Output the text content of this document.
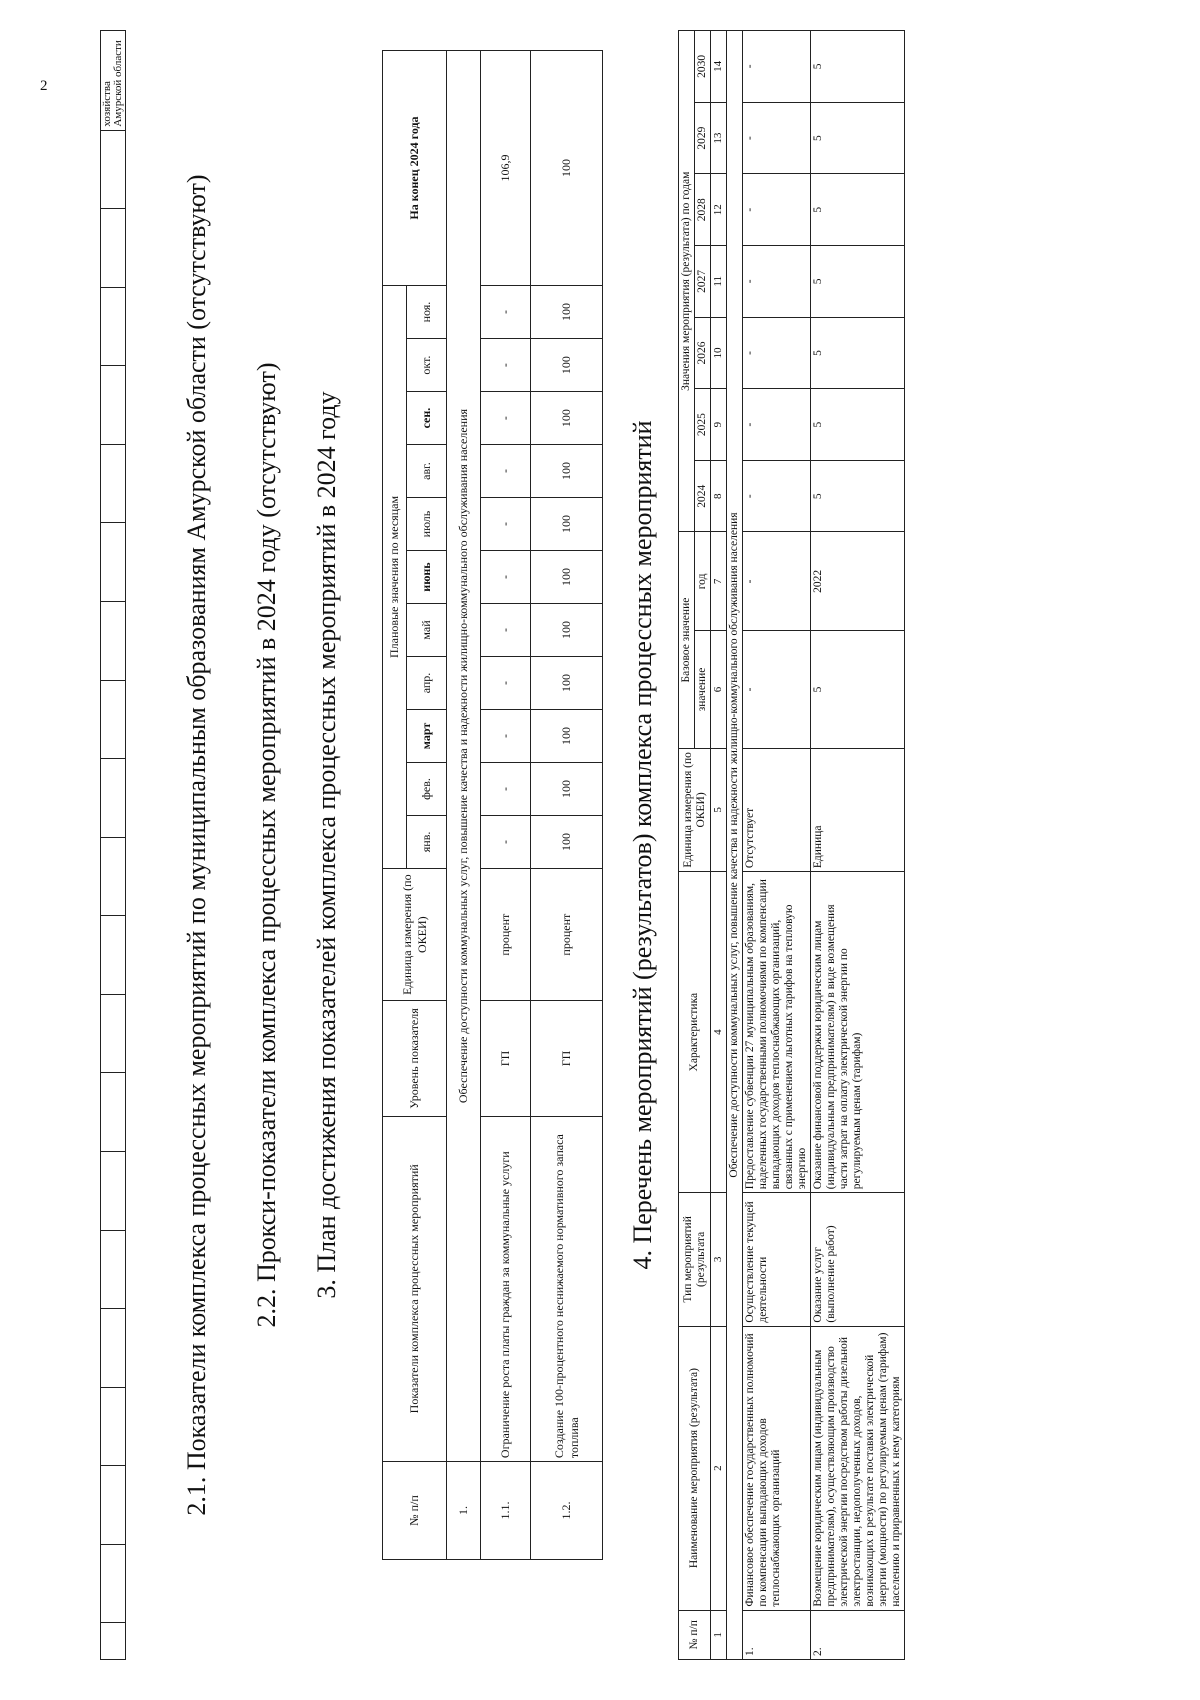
2
																					хозяйства
Амурской области
2.1. Показатели комплекса процессных мероприятий по муниципальным образованиям Амурской области (отсутствуют) 2.2. Прокси-показатели комплекса процессных мероприятий в 2024 году (отсутствуют) 3. План достижения показателей комплекса процессных мероприятий в 2024 году
№ п/п	Показатели комплекса процессных мероприятий	Уровень показателя	Единица измерения (по ОКЕИ)	Плановые значения по месяцам											На конец 2024 года
				янв.	фев.	март	апр.	май	июнь	июль	авг.	сен.	окт.	ноя.	
1.	Обеспечение доступности коммунальных услуг, повышение качества и надежности жилищно-коммунального обслуживания населения														
1.1.	Ограничение роста платы граждан за коммунальные услуги	ГП	процент	-	-	-	-	-	-	-	-	-	-	-	106,9
1.2.	Создание 100-процентного неснижаемого нормативного запаса топлива	ГП	процент	100	100	100	100	100	100	100	100	100	100	100	100
4. Перечень мероприятий (результатов) комплекса процессных мероприятий
№ п/п	Наименование мероприятия (результата)	Тип мероприятий (результата	Характеристика	Единица измерения (по ОКЕИ)	Базовое значение		Значения мероприятия (результата) по годам						
					значение	год	2024	2025	2026	2027	2028	2029	2030
1	2	3	4	5	6	7	8	9	10	11	12	13	14
Обеспечение доступности коммунальных услуг, повышение качества и надежности жилищно-коммунального обслуживания населения													
1.	Финансовое обеспечение государственных полномочий по компенсации выпадающих доходов теплоснабжающих организаций	Осуществление текущей деятельности	Предоставление субвенции 27 муниципальным образованиям, наделенных государственными полномочиями по компенсации выпадающих доходов теплоснабжающих организаций, связанных с применением льготных тарифов на тепловую энергию	Отсутствует	-	-	-	-	-	-	-	-	-
2.	Возмещение юридическим лицам (индивидуальным предпринимателям), осуществляющим производство электрической энергии посредством работы дизельной электростанции, недополученных доходов, возникающих в результате поставки электрической энергии (мощности) по регулируемым ценам (тарифам) населению и приравненных к нему категориям	Оказание услуг (выполнение работ)	Оказание финансовой поддержки юридическим лицам (индивидуальным предпринимателям) в виде возмещения части затрат на оплату электрической энергии по регулируемым ценам (тарифам)	Единица	5	2022	5	5	5	5	5	5	5
